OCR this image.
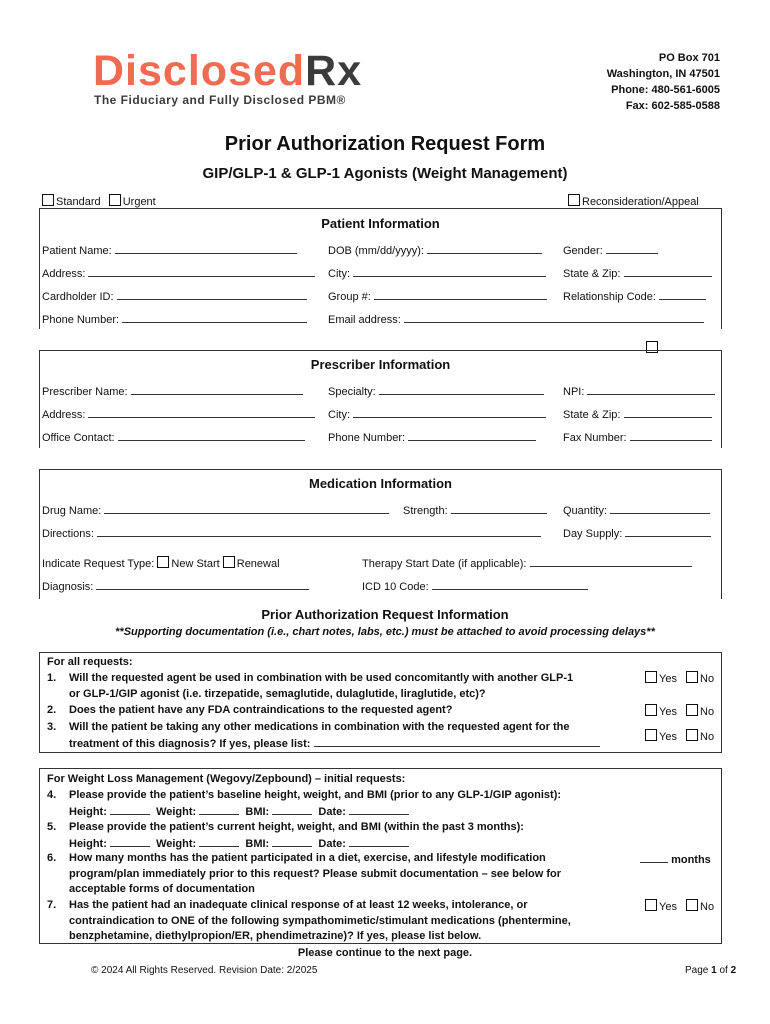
DisclosedRx
The Fiduciary and Fully Disclosed PBM®
PO Box 701
Washington, IN 47501
Phone: 480-561-6005
Fax: 602-585-0588
Prior Authorization Request Form
GIP/GLP-1 & GLP-1 Agonists (Weight Management)
Standard Urgent	Reconsideration/Appeal
Patient Information
Patient Name:	DOB (mm/dd/yyyy):	Gender:
Address:	City:	State & Zip:
Cardholder ID:	Group #:	Relationship Code:
Phone Number:	Email address:
Prescriber Information
Prescriber Name:	Specialty:	NPI:
Address:	City:	State & Zip:
Office Contact:	Phone Number:	Fax Number:
Medication Information
Drug Name:	Strength:	Quantity:
Directions:	Day Supply:
Indicate Request Type: New Start Renewal	Therapy Start Date (if applicable):
Diagnosis:	ICD 10 Code:
Prior Authorization Request Information
**Supporting documentation (i.e., chart notes, labs, etc.) must be attached to avoid processing delays**
For all requests:
1. Will the requested agent be used in combination with be used concomitantly with another GLP-1
or GLP-1/GIP agonist (i.e. tirzepatide, semaglutide, dulaglutide, liraglutide, etc)?
2. Does the patient have any FDA contraindications to the requested agent?
3. Will the patient be taking any other medications in combination with the requested agent for the
treatment of this diagnosis? If yes, please list:
Yes No
Yes No
Yes No
For Weight Loss Management (Wegovy/Zepbound) – initial requests:
4. Please provide the patient’s baseline height, weight, and BMI (prior to any GLP-1/GIP agonist):
Height:	Weight:	BMI:	Date:
5. Please provide the patient’s current height, weight, and BMI (within the past 3 months):
Height:	Weight:	BMI:	Date:
6. How many months has the patient participated in a diet, exercise, and lifestyle modification
program/plan immediately prior to this request? Please submit documentation – see below for
acceptable forms of documentation
months
7. Has the patient had an inadequate clinical response of at least 12 weeks, intolerance, or
contraindication to ONE of the following sympathomimetic/stimulant medications (phentermine,
benzphetamine, diethylpropion/ER, phendimetrazine)? If yes, please list below.
Yes No
Please continue to the next page.
© 2024 All Rights Reserved. Revision Date: 2/2025	Page 1 of 2
